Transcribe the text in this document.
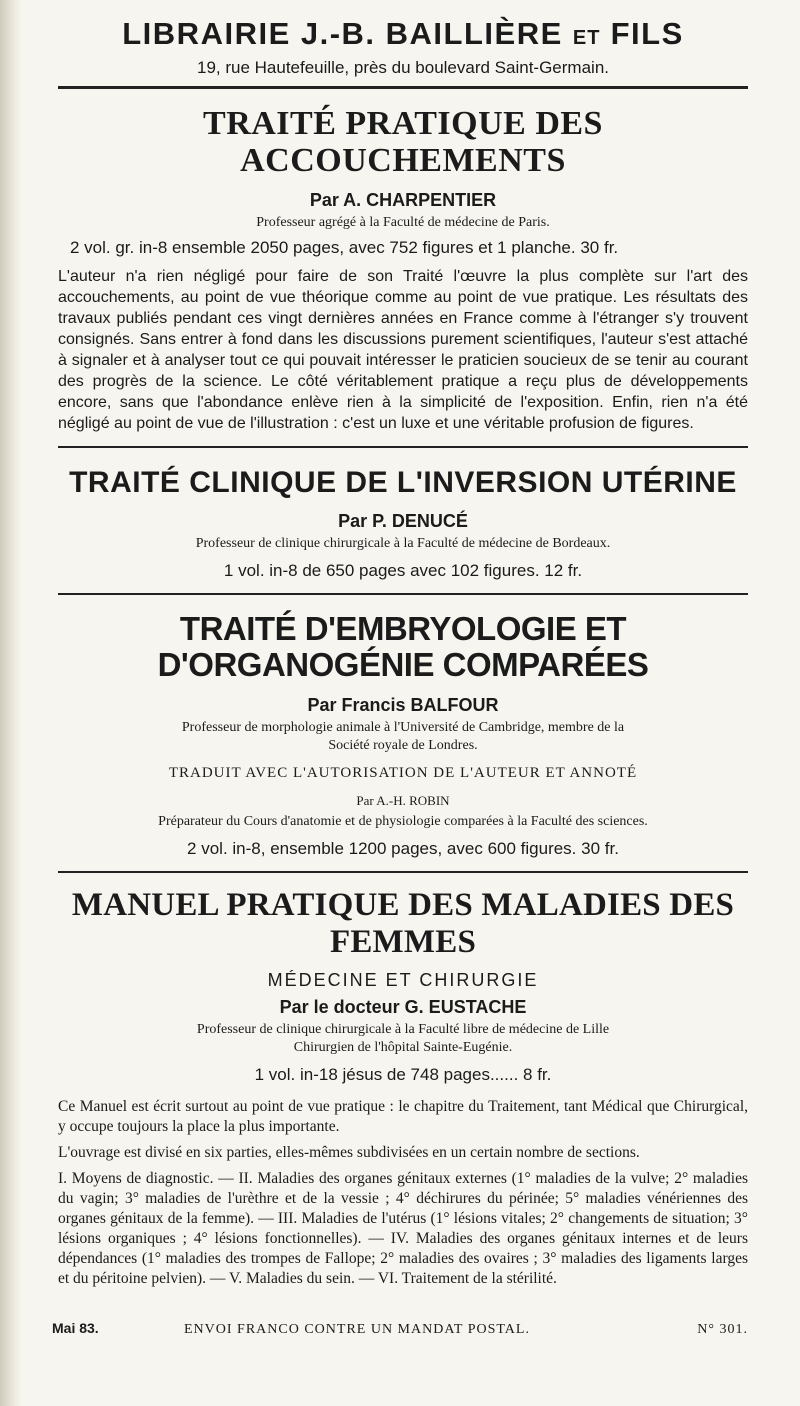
LIBRAIRIE J.-B. BAILLIÈRE ET FILS

19, rue Hautefeuille, près du boulevard Saint-Germain.

TRAITÉ PRATIQUE DES ACCOUCHEMENTS

Par A. CHARPENTIER

Professeur agrégé à la Faculté de médecine de Paris.

2 vol. gr. in-8 ensemble 2050 pages, avec 752 figures et 1 planche. 30 fr.

L'auteur n'a rien négligé pour faire de son Traité l'œuvre la plus complète sur l'art des accouchements, au point de vue théorique comme au point de vue pratique. Les résultats des travaux publiés pendant ces vingt dernières années en France comme à l'étranger s'y trouvent consignés. Sans entrer à fond dans les discussions purement scientifiques, l'auteur s'est attaché à signaler et à analyser tout ce qui pouvait intéresser le praticien soucieux de se tenir au courant des progrès de la science. Le côté véritablement pratique a reçu plus de développements encore, sans que l'abondance enlève rien à la simplicité de l'exposition. Enfin, rien n'a été négligé au point de vue de l'illustration : c'est un luxe et une véritable profusion de figures.

TRAITÉ CLINIQUE DE L'INVERSION UTÉRINE

Par P. DENUCÉ

Professeur de clinique chirurgicale à la Faculté de médecine de Bordeaux.

1 vol. in-8 de 650 pages avec 102 figures. 12 fr.

TRAITÉ D'EMBRYOLOGIE ET D'ORGANOGÉNIE COMPARÉES

Par Francis BALFOUR

Professeur de morphologie animale à l'Université de Cambridge, membre de la
Société royale de Londres.

TRADUIT AVEC L'AUTORISATION DE L'AUTEUR ET ANNOTÉ

Par A.-H. ROBIN

Préparateur du Cours d'anatomie et de physiologie comparées à la Faculté des sciences.

2 vol. in-8, ensemble 1200 pages, avec 600 figures. 30 fr.

MANUEL PRATIQUE DES MALADIES DES FEMMES

MÉDECINE ET CHIRURGIE

Par le docteur G. EUSTACHE

Professeur de clinique chirurgicale à la Faculté libre de médecine de Lille
Chirurgien de l'hôpital Sainte-Eugénie.

1 vol. in-18 jésus de 748 pages...... 8 fr.

Ce Manuel est écrit surtout au point de vue pratique : le chapitre du Traitement, tant Médical que Chirurgical, y occupe toujours la place la plus importante.

L'ouvrage est divisé en six parties, elles-mêmes subdivisées en un certain nombre de sections.

I. Moyens de diagnostic. — II. Maladies des organes génitaux externes (1° maladies de la vulve; 2° maladies du vagin; 3° maladies de l'urèthre et de la vessie ; 4° déchirures du périnée; 5° maladies vénériennes des organes génitaux de la femme). — III. Maladies de l'utérus (1° lésions vitales; 2° changements de situation; 3° lésions organiques ; 4° lésions fonctionnelles). — IV. Maladies des organes génitaux internes et de leurs dépendances (1° maladies des trompes de Fallope; 2° maladies des ovaires ; 3° maladies des ligaments larges et du péritoine pelvien). — V. Maladies du sein. — VI. Traitement de la stérilité.

Mai 83.	ENVOI FRANCO CONTRE UN MANDAT POSTAL.	N° 301.
